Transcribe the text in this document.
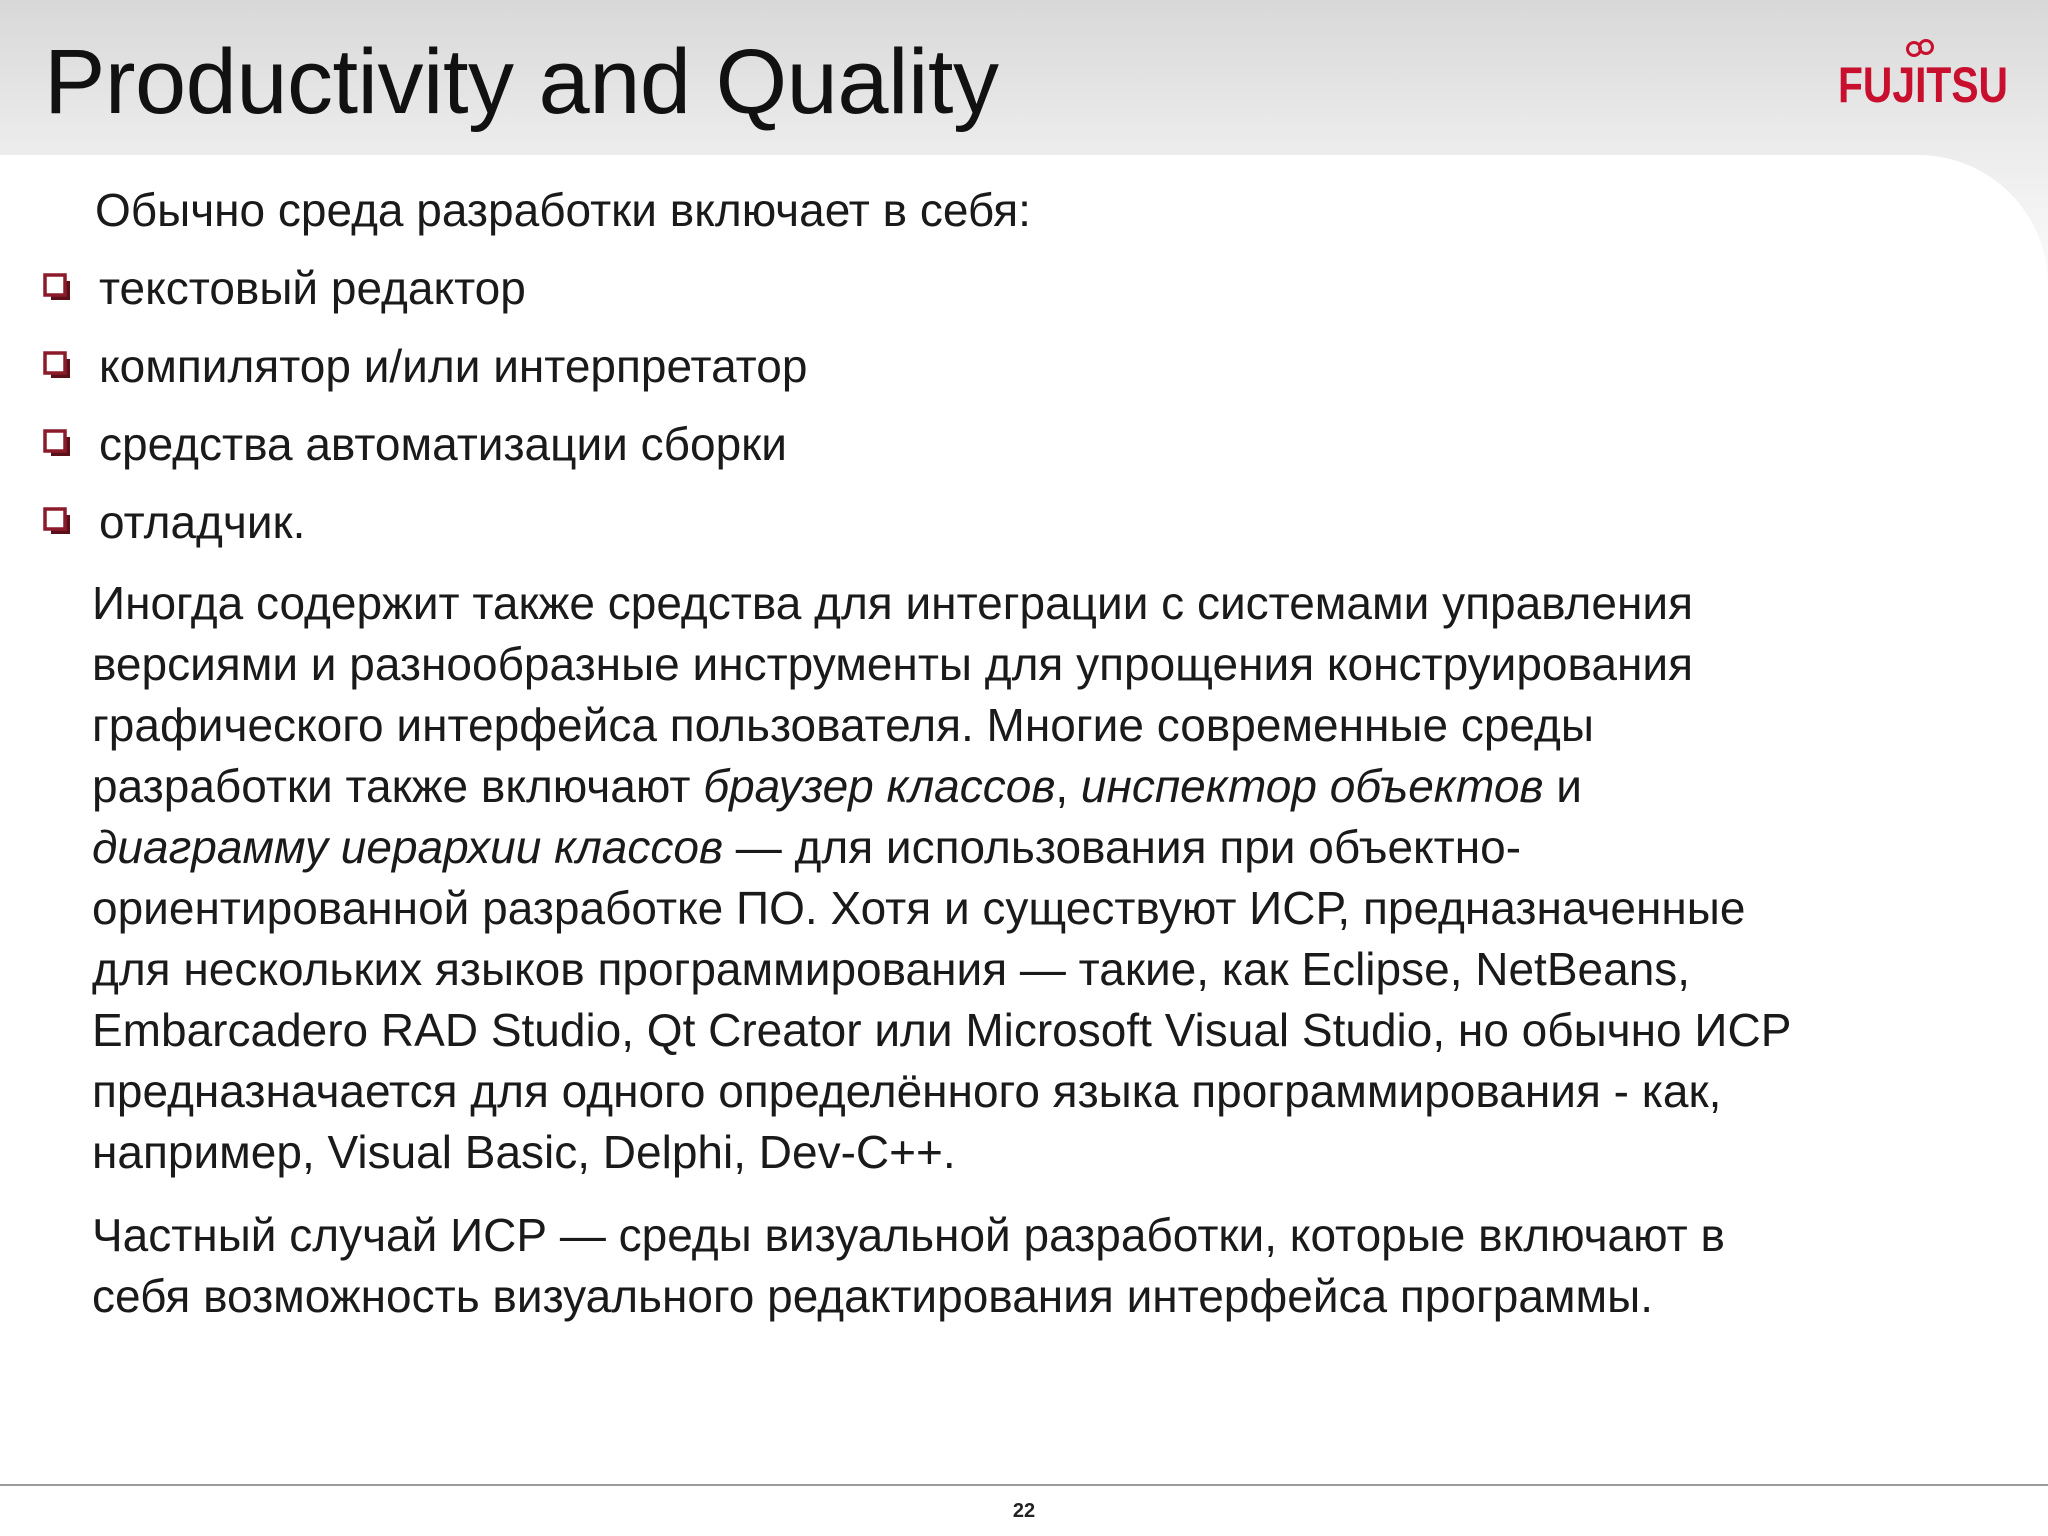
Productivity and Quality	FUJITSU

Обычно среда разработки включает в себя:

текстовый редактор
компилятор и/или интерпретатор
средства автоматизации сборки
отладчик.

Иногда содержит также средства для интеграции с системами управления
версиями и разнообразные инструменты для упрощения конструирования
графического интерфейса пользователя. Многие современные среды
разработки также включают браузер классов, инспектор объектов и
диаграмму иерархии классов — для использования при объектно-
ориентированной разработке ПО. Хотя и существуют ИСР, предназначенные
для нескольких языков программирования — такие, как Eclipse, NetBeans,
Embarcadero RAD Studio, Qt Creator или Microsoft Visual Studio, но обычно ИСР
предназначается для одного определённого языка программирования - как,
например, Visual Basic, Delphi, Dev-C++.

Частный случай ИСР — среды визуальной разработки, которые включают в
себя возможность визуального редактирования интерфейса программы.

22
